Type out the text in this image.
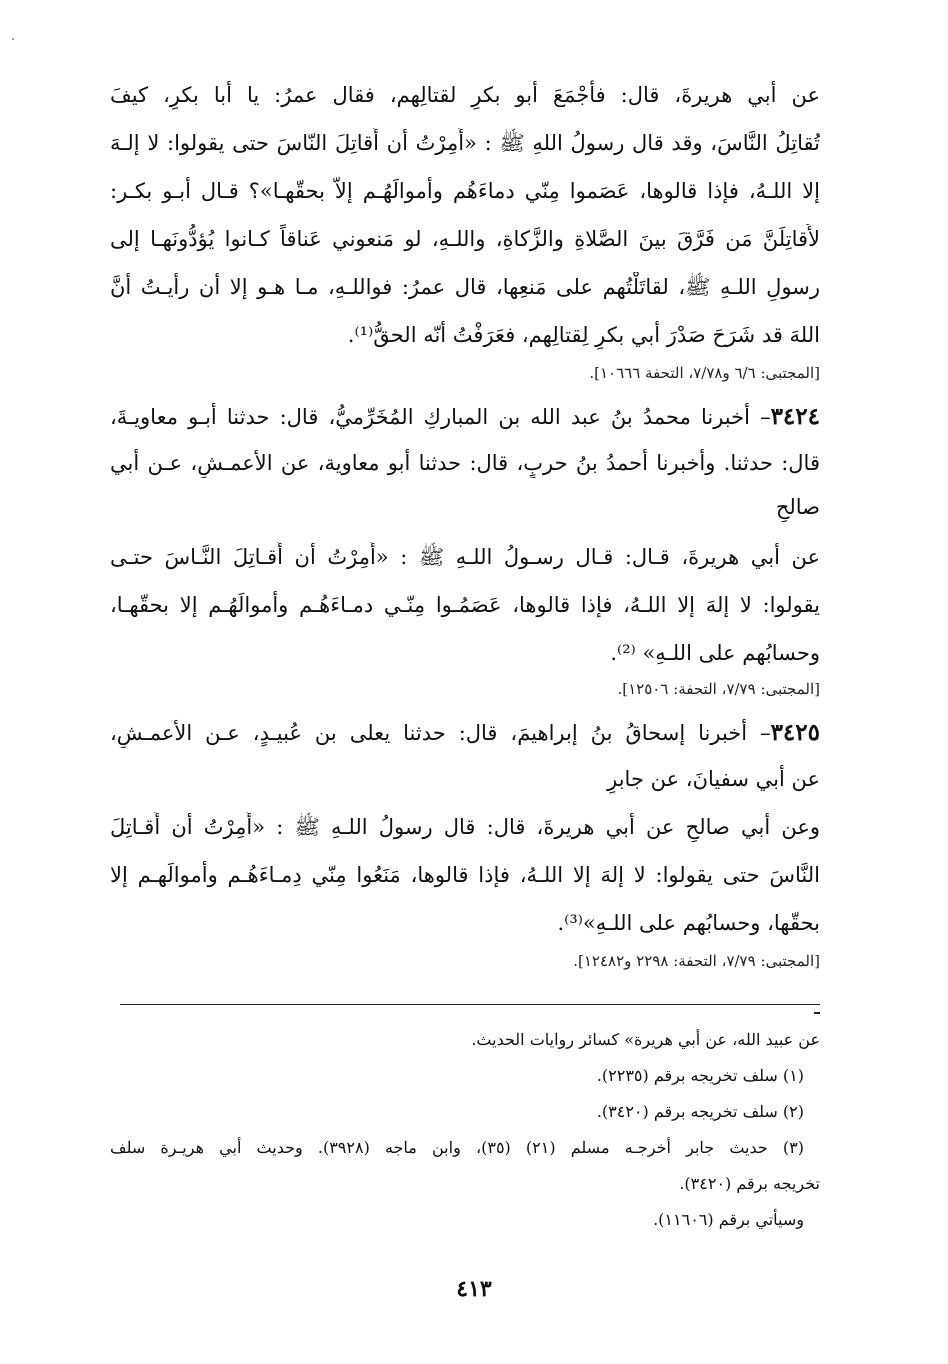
عن أبي هريرةَ، قال: فأَجْمَعَ أبو بكرٍ لقتالِهم، فقال عمرُ: يا أبا بكرٍ، كيفَ
تُقاتِلُ النَّاسَ، وقد قال رسولُ اللهِ ﷺ : «أُمِرْتُ أن أُقاتِلَ النّاسَ حتى يقولوا: لا إلـهَ
إلا اللـهُ، فإذا قالوها، عَصَموا مِنّي دماءَهُم وأموالَهُـم إلاّ بحقّهـا»؟ قـال أبـو بكـر:
لأُقاتِلَنَّ مَن فَرَّقَ بينَ الصَّلاةِ والزَّكاةِ، واللـهِ، لو مَنعوني عَناقاً كـانوا يُؤدُّونَهـا إلى
رسولِ اللـهِ ﷺ، لقاتَلْتُهم على مَنعِها، قال عمرُ: فواللـهِ، مـا هـو إلا أن رأيـتُ أنَّ
اللهَ قد شَرَحَ صَدْرَ أبي بكرٍ لِقتالِهم، فعَرَفْتُ أنّه الحقُّ⁽¹⁾.
[المجتبى: ٦/٦ و٧/٧٨، التحفة ١٠٦٦٦].
٣٤٢٤– أخبرنا محمدُ بنُ عبد الله بن المباركِ المُخَرِّميُّ، قال: حدثنا أبـو معاويـةَ،
قال: حدثنا. وأخبرنا أحمدُ بنُ حربٍ، قال: حدثنا أبو معاوية، عن الأعمـشِ، عـن أبي
صالحٍ
عن أبي هريرةَ، قـال: قـال رسـولُ اللـهِ ﷺ : «أُمِرْتُ أن أُقـاتِلَ النَّـاسَ حتـى
يقولوا: لا إلهَ إلا اللـهُ، فإذا قالوها، عَصَمُـوا مِنّـي دمـاءَهُـم وأموالَهُـم إلا بحقّهـا،
وحسابُهم على اللـهِ» ⁽²⁾.
[المجتبى: ٧/٧٩، التحفة: ١٢٥٠٦].
٣٤٢٥– أخبرنا إسحاقُ بنُ إبراهيمَ، قال: حدثنا يعلى بن عُبيـدٍ، عـن الأعمـشِ،
عن أبي سفيانَ، عن جابرٍ
وعن أبي صالحٍ عن أبي هريرةَ، قال: قال رسولُ اللـهِ ﷺ : «أُمِرْتُ أن أُقـاتِلَ
النَّاسَ حتى يقولوا: لا إلهَ إلا اللـهُ، فإذا قالوها، مَنَعُوا مِنّي دِمـاءَهُـم وأموالَهـم إلا
بحقّها، وحسابُهم على اللـهِ»⁽³⁾.
[المجتبى: ٧/٧٩، التحفة: ٢٢٩٨ و١٢٤٨٢].
عن عبيد الله، عن أبي هريرة» كسائر روايات الحديث.
(١) سلف تخريجه برقم (٢٢٣٥).
(٢) سلف تخريجه برقم (٣٤٢٠).
(٣) حديث جابر أخرجـه مسلم (٢١) (٣٥)، وابن ماجه (٣٩٢٨). وحديث أبي هريـرة سلف
تخريجه برقم (٣٤٢٠).
وسيأتي برقم (١١٦٠٦).
٤١٣
